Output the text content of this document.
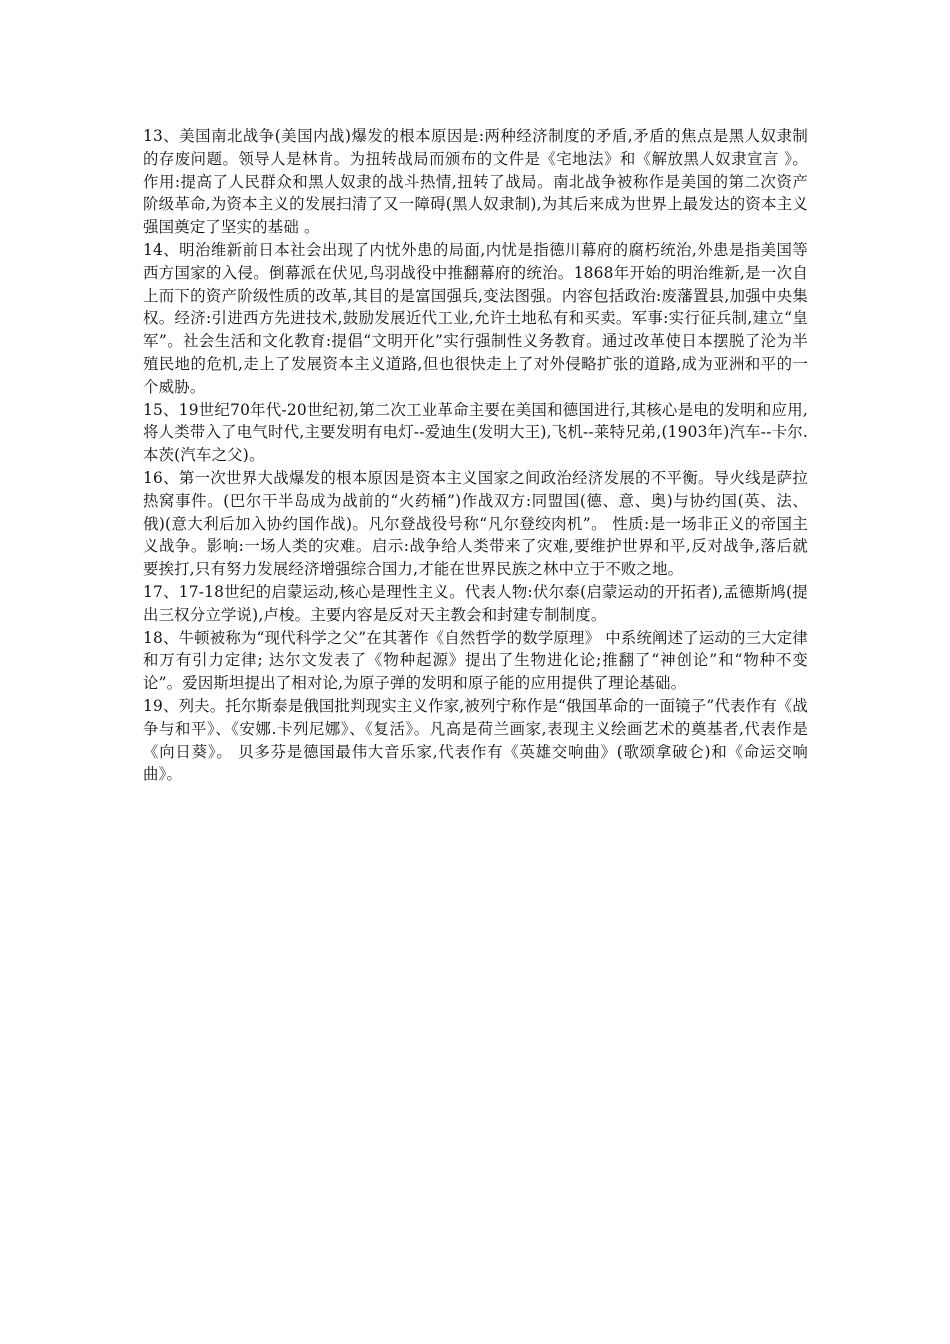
13、美国南北战争(美国内战)爆发的根本原因是:两种经济制度的矛盾,矛盾的焦点是黑人奴隶制的存废问题。领导人是林肯。为扭转战局而颁布的文件是《宅地法》和《解放黑人奴隶宣言 》。作用:提高了人民群众和黑人奴隶的战斗热情,扭转了战局。南北战争被称作是美国的第二次资产阶级革命,为资本主义的发展扫清了又一障碍(黑人奴隶制),为其后来成为世界上最发达的资本主义强国奠定了坚实的基础 。

14、明治维新前日本社会出现了内忧外患的局面,内忧是指德川幕府的腐朽统治,外患是指美国等西方国家的入侵。倒幕派在伏见,鸟羽战役中推翻幕府的统治。1868年开始的明治维新,是一次自上而下的资产阶级性质的改革,其目的是富国强兵,变法图强。内容包括政治:废藩置县,加强中央集权。经济:引进西方先进技术,鼓励发展近代工业,允许土地私有和买卖。军事:实行征兵制,建立“皇军”。社会生活和文化教育:提倡“文明开化”实行强制性义务教育。通过改革使日本摆脱了沦为半殖民地的危机,走上了发展资本主义道路,但也很快走上了对外侵略扩张的道路,成为亚洲和平的一个威胁。

15、19世纪70年代-20世纪初,第二次工业革命主要在美国和德国进行,其核心是电的发明和应用,将人类带入了电气时代,主要发明有电灯--爱迪生(发明大王),飞机--莱特兄弟,(1903年)汽车--卡尔.本茨(汽车之父)。

16、第一次世界大战爆发的根本原因是资本主义国家之间政治经济发展的不平衡。导火线是萨拉热窝事件。(巴尔干半岛成为战前的“火药桶”)作战双方:同盟国(德、意、奥)与协约国(英、法、俄)(意大利后加入协约国作战)。凡尔登战役号称“凡尔登绞肉机”。 性质:是一场非正义的帝国主义战争。影响:一场人类的灾难。启示:战争给人类带来了灾难,要维护世界和平,反对战争,落后就要挨打,只有努力发展经济增强综合国力,才能在世界民族之林中立于不败之地。

17、17-18世纪的启蒙运动,核心是理性主义。代表人物:伏尔泰(启蒙运动的开拓者),孟德斯鸠(提出三权分立学说),卢梭。主要内容是反对天主教会和封建专制制度。

18、牛顿被称为“现代科学之父”在其著作《自然哲学的数学原理》 中系统阐述了运动的三大定律和万有引力定律; 达尔文发表了《物种起源》提出了生物进化论;推翻了“神创论”和“物种不变论”。爱因斯坦提出了相对论,为原子弹的发明和原子能的应用提供了理论基础。

19、列夫。托尔斯泰是俄国批判现实主义作家,被列宁称作是“俄国革命的一面镜子”代表作有《战争与和平》、《安娜.卡列尼娜》、《复活》。凡高是荷兰画家,表现主义绘画艺术的奠基者,代表作是《向日葵》。 贝多芬是德国最伟大音乐家,代表作有《英雄交响曲》(歌颂拿破仑)和《命运交响曲》。
